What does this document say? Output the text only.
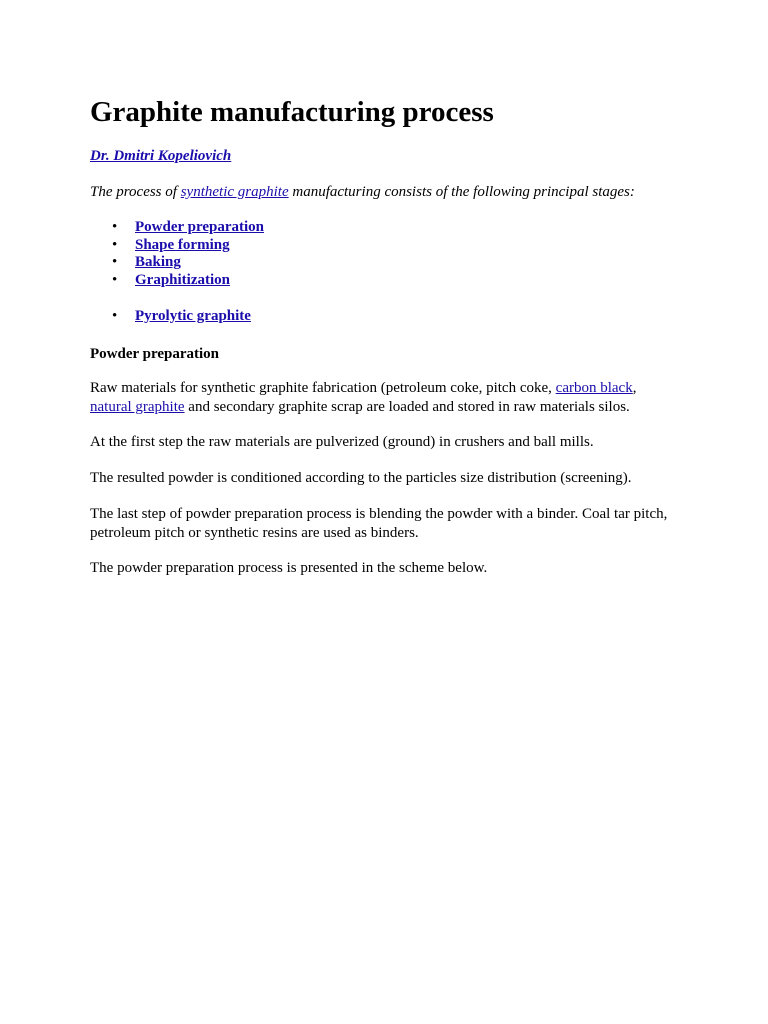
Graphite manufacturing process
Dr. Dmitri Kopeliovich

The process of synthetic graphite manufacturing consists of the following principal stages:

• Powder preparation
• Shape forming
• Baking
• Graphitization
• Pyrolytic graphite

Powder preparation

Raw materials for synthetic graphite fabrication (petroleum coke, pitch coke, carbon black,
natural graphite and secondary graphite scrap are loaded and stored in raw materials silos.

At the first step the raw materials are pulverized (ground) in crushers and ball mills.

The resulted powder is conditioned according to the particles size distribution (screening).

The last step of powder preparation process is blending the powder with a binder. Coal tar pitch, petroleum pitch or synthetic resins are used as binders.

The powder preparation process is presented in the scheme below.
